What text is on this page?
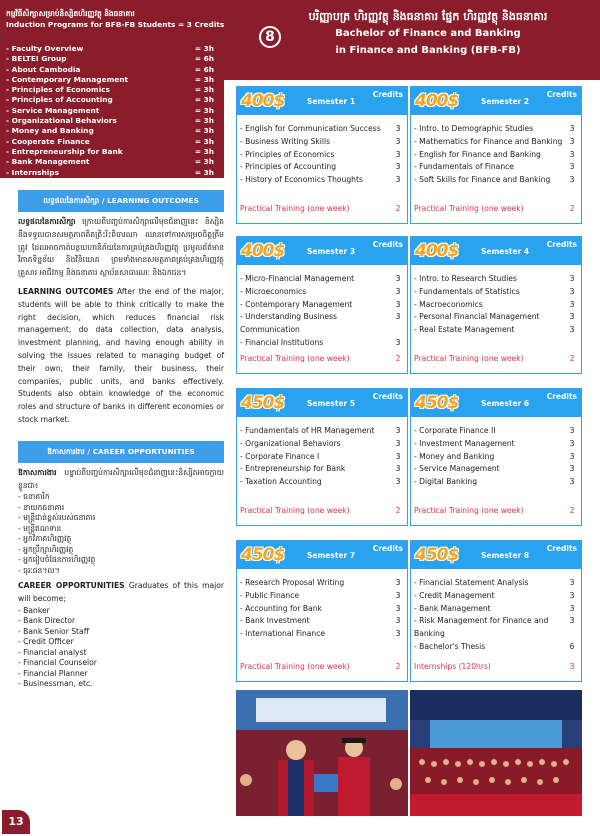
- Faculty Overview	= 3h
- BELTEI Group	= 6h
- About Cambodia	= 6h
- Contemporary Management	= 3h
- Principles of Economics	= 3h
- Principles of Accounting	= 3h
- Service Management	= 3h
- Organizational Behaviors	= 3h
- Money and Banking	= 3h
- Cooperate Finance	= 3h
- Entrepreneurship for Bank	= 3h
- Bank Management	= 3h
- Internships	= 3h
កម្មវិធីសិក្សាសម្រាប់និស្សិតហិរញ្ញវត្ថុ និងធនាគារ
Induction Programs for BFB-FB Students = 3 Credits
8
បរិញ្ញាបត្រ ហិរញ្ញវត្ថុ និងធនាគារ ផ្នែក ហិរញ្ញវត្ថុ និងធនាគារ
Bachelor of Finance and Banking
in Finance and Banking (BFB-FB)
លទ្ធផលនៃការសិក្សា / LEARNING OUTCOMES
លទ្ធផលនៃការសិក្សា ក្រោយពីបញ្ចប់ការសិក្សាលើមុខជំនាញនេះ និស្សិតនឹងទទួលបានសមត្ថភាពគិតត្រិះរិះពិចារណា ឈានទៅការសម្រេចចិត្តត្រឹមត្រូវ ដែលអាចកាត់បន្ថយហានិភ័យនៃការគ្រប់គ្រងហិរញ្ញវត្ថុ ប្រមូលព័ត៌មាន វិភាគទិន្នន័យ និងវិនិយោគ ព្រមទាំងមានសមត្ថភាពគ្រប់គ្រងហិរញ្ញវត្ថុគ្រួសារ អាជីវកម្ម និងធនាគារ ស្ថាប័នសាធារណៈ និងឯកជន។
LEARNING OUTCOMES After the end of the major, students will be able to think critically to make the right decision, which reduces financial risk management, do data collection, data analysis, investment planning, and having enough ability in solving the issues related to managing budget of their own, their family, their business, their companies, public units, and banks effectively. Students also obtain knowledge of the economic roles and structure of banks in different economies or stock market.
ឱកាសការងារ / CAREER OPPORTUNITIES
ឱកាសការងារ បន្ទាប់ពីបញ្ចប់ការសិក្សាលើមុខជំនាញនេះនិស្សិតអាចក្លាយខ្លួនជា៖
- ធនាគារិក
- នាយកធនាគារ
- មន្ត្រីជាន់ខ្ពស់របស់ធនាគារ
- មន្ត្រីឥណទាន
- អ្នកវិភាគហិរញ្ញវត្ថុ
- អ្នកប្រឹក្សាហិរញ្ញវត្ថុ
- អ្នករៀបចំផែនការហិរញ្ញវត្ថុ
- ធុរៈជន។ល។
CAREER OPPORTUNITIES Graduates of this major will become;
- Banker
- Bank Director
- Bank Senior Staff
- Credit Officer
- Financial analyst
- Financial Counselor
- Financial Planner
- Businessman, etc.
400$	Semester 1
Credits
- English for Communication Success	3
- Business Writing Skills	3
- Principles of Economics	3
- Principles of Accounting	3
- History of Economics Thoughts	3
Practical Training (one week)	2
400$	Semester 2
Credits
- Intro. to Demographic Studies	3
- Mathematics for Finance and Banking 3
- English for Finance and Banking	3
- Fundamentals of Finance	3
- Soft Skills for Finance and Banking	3
Practical Training (one week)	2
400$	Semester 3
Credits
- Micro-Financial Management	3
- Microeconomics	3
- Contemporary Management	3
- Understanding Business Communication
3
- Financial Institutions	3
Practical Training (one week)	2
400$	Semester 4
Credits
- Intro. to Research Studies	3
- Fundamentals of Statistics	3
- Macroeconomics	3
- Personal Financial Management	3
- Real Estate Management	3
Practical Training (one week)	2
450$	Semester 5
Credits
- Fundamentals of HR Management	3
- Organizational Behaviors	3
- Corporate Finance I	3
- Entrepreneurship for Bank	3
- Taxation Accounting	3
Practical Training (one week)	2
450$	Semester 6
Credits
- Corporate Finance II	3
- Investment Management	3
- Money and Banking	3
- Service Management	3
- Digital Banking	3
Practical Training (one week)	2
450$	Semester 7
Credits
- Research Proposal Writing	3
- Public Finance	3
- Accounting for Bank	3
- Bank Investment	3
- International Finance	3
Practical Training (one week)	2
450$	Semester 8
Credits
- Financial Statement Analysis	3
- Credit Management	3
- Bank Management	3
- Risk Management for Finance and Banking
3
- Bachelor's Thesis	6
Internships (120hrs)	3
13
